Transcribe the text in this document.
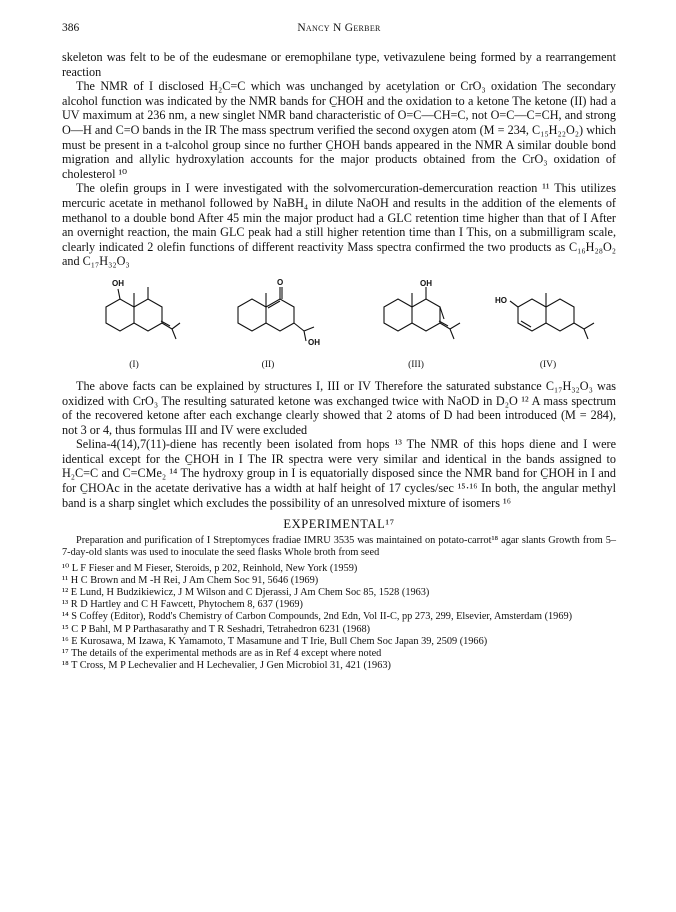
386	Nancy N Gerber

skeleton was felt to be of the eudesmane or eremophilane type, vetivazulene being formed by a rearrangement reaction

The NMR of I disclosed H₂C=C which was unchanged by acetylation or CrO₃ oxidation The secondary alcohol function was indicated by the NMR bands for C̱HOH and the oxidation to a ketone The ketone (II) had a UV maximum at 236 nm, a new singlet NMR band characteristic of O=C—CH=C, not O=C—C=CH, and strong O—H and C=O bands in the IR The mass spectrum verified the second oxygen atom (M = 234, C₁₅H₂₂O₂) which must be present in a t-alcohol group since no further C̱HOH bands appeared in the NMR A similar double bond migration and allylic hydroxylation accounts for the major products obtained from the CrO₃ oxidation of cholesterol ¹⁰

The olefin groups in I were investigated with the solvomercuration-demercuration reaction ¹¹ This utilizes mercuric acetate in methanol followed by NaBH₄ in dilute NaOH and results in the addition of the elements of methanol to a double bond After 45 min the major product had a GLC retention time higher than that of I After an overnight reaction, the main GLC peak had a still higher retention time than I This, on a submilligram scale, clearly indicated 2 olefin functions of different reactivity Mass spectra confirmed the two products as C₁₆H₂₈O₂ and C₁₇H₃₂O₃

OH	O
OH
OH
HO
(I)	(II)	(III)	(IV)

The above facts can be explained by structures I, III or IV Therefore the saturated substance C₁₇H₃₂O₃ was oxidized with CrO₃ The resulting saturated ketone was exchanged twice with NaOD in D₂O ¹² A mass spectrum of the recovered ketone after each exchange clearly showed that 2 atoms of D had been introduced (M = 284), not 3 or 4, thus formulas III and IV were excluded

Selina-4(14),7(11)-diene has recently been isolated from hops ¹³ The NMR of this hops diene and I were identical except for the C̱HOH in I The IR spectra were very similar and identical in the bands assigned to H₂C=C and C=CMe₂ ¹⁴ The hydroxy group in I is equatorially disposed since the NMR band for C̱HOH in I and for C̱HOAc in the acetate derivative has a width at half height of 17 cycles/sec ¹⁵·¹⁶ In both, the angular methyl band is a sharp singlet which excludes the possibility of an unresolved mixture of isomers ¹⁶

EXPERIMENTAL¹⁷

Preparation and purification of I Streptomyces fradiae IMRU 3535 was maintained on potato-carrot¹⁸ agar slants Growth from 5–7-day-old slants was used to inoculate the seed flasks Whole broth from seed

¹⁰ L F Fieser and M Fieser, Steroids, p 202, Reinhold, New York (1959)
¹¹ H C Brown and M -H Rei, J Am Chem Soc 91, 5646 (1969)
¹² E Lund, H Budzikiewicz, J M Wilson and C Djerassi, J Am Chem Soc 85, 1528 (1963)
¹³ R D Hartley and C H Fawcett, Phytochem 8, 637 (1969)
¹⁴ S Coffey (Editor), Rodd's Chemistry of Carbon Compounds, 2nd Edn, Vol II-C, pp 273, 299, Elsevier, Amsterdam (1969)
¹⁵ C P Bahl, M P Parthasarathy and T R Seshadri, Tetrahedron 6231 (1968)
¹⁶ E Kurosawa, M Izawa, K Yamamoto, T Masamune and T Irie, Bull Chem Soc Japan 39, 2509 (1966)
¹⁷ The details of the experimental methods are as in Ref 4 except where noted
¹⁸ T Cross, M P Lechevalier and H Lechevalier, J Gen Microbiol 31, 421 (1963)
